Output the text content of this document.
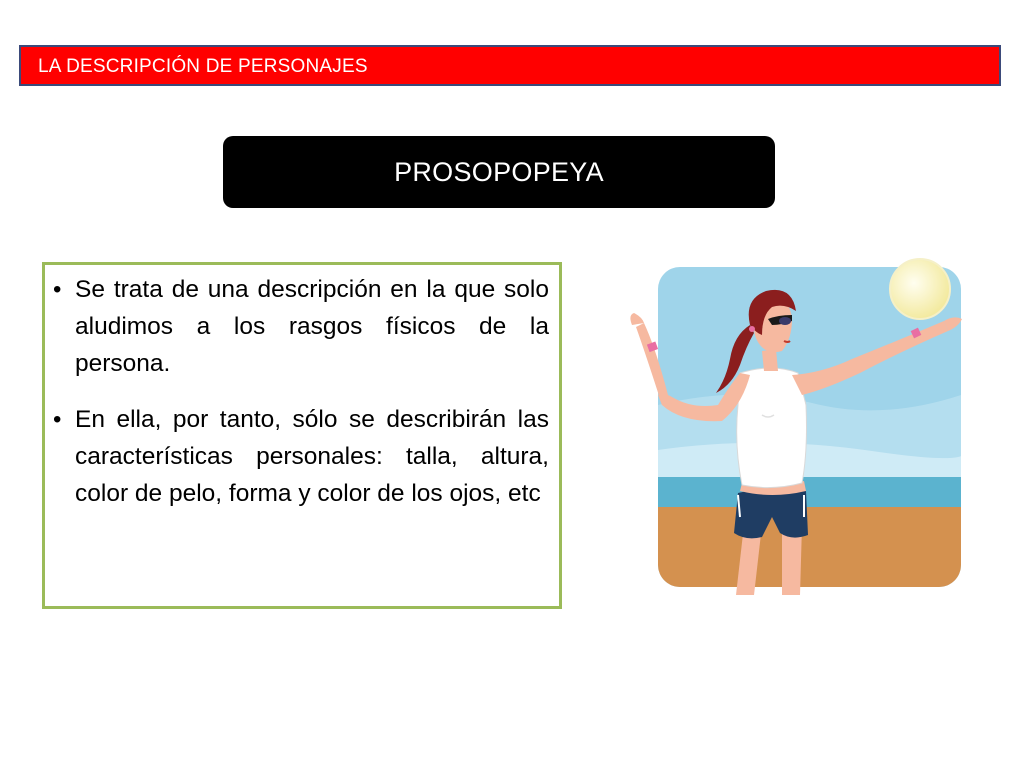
LA DESCRIPCIÓN DE PERSONAJES
PROSOPOPEYA
• Se trata de una descripción en la que solo aludimos a los rasgos físicos de la persona.
• En ella, por tanto, sólo se describirán las características personales: talla, altura, color de pelo, forma y color de los ojos, etc
